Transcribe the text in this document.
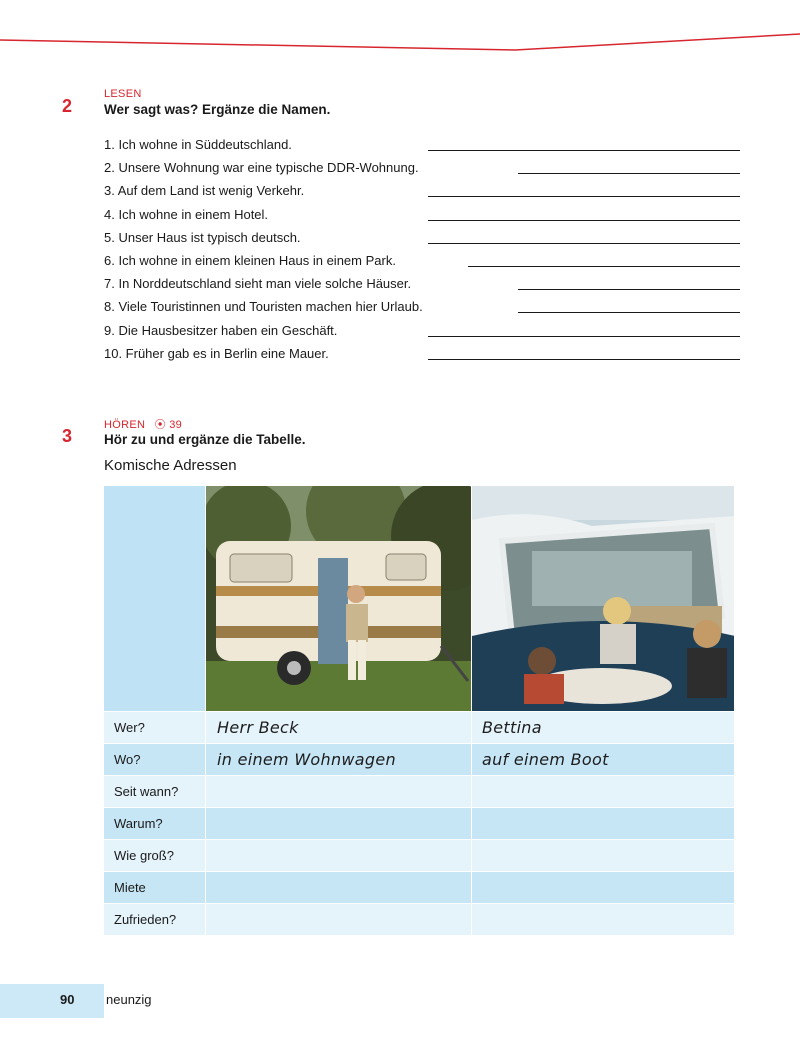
2
LESEN
Wer sagt was? Ergänze die Namen.
1. Ich wohne in Süddeutschland.
2. Unsere Wohnung war eine typische DDR-Wohnung.
3. Auf dem Land ist wenig Verkehr.
4. Ich wohne in einem Hotel.
5. Unser Haus ist typisch deutsch.
6. Ich wohne in einem kleinen Haus in einem Park.
7. In Norddeutschland sieht man viele solche Häuser.
8. Viele Touristinnen und Touristen machen hier Urlaub.
9. Die Hausbesitzer haben ein Geschäft.
10. Früher gab es in Berlin eine Mauer.
3
HÖREN ⦿ 39
Hör zu und ergänze die Tabelle.
Komische Adressen
Wer?	Herr Beck	Bettina
Wo?	in einem Wohnwagen	auf einem Boot
Seit wann?
Warum?
Wie groß?
Miete
Zufrieden?
90 neunzig
